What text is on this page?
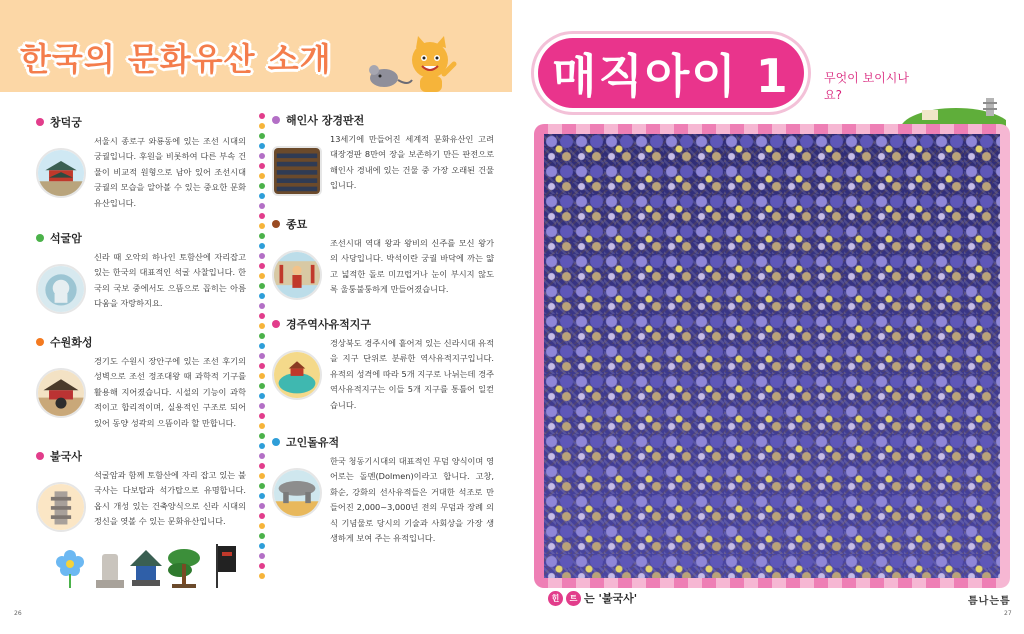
한국의 문화유산 소개
창덕궁
서울시 종로구 와룡동에 있는 조선 시대의 궁궐입니다. 후원을 비롯하여 다른 부속 건물이 비교적 원형으로 남아 있어 조선시대 궁궐의 모습을 알아볼 수 있는 중요한 문화유산입니다.
석굴암
신라 때 오악의 하나인 토함산에 자리잡고 있는 한국의 대표적인 석굴 사찰입니다. 한국의 국보 중에서도 으뜸으로 꼽히는 아름다움을 자랑하지요.
수원화성
경기도 수원시 장안구에 있는 조선 후기의 성벽으로 조선 정조대왕 때 과학적 기구를 활용해 지어졌습니다. 시설의 기능이 과학적이고 합리적이며, 실용적인 구조로 되어 있어 동양 성곽의 으뜸이라 할 만합니다.
불국사
석굴암과 함께 토함산에 자리 잡고 있는 불국사는 다보탑과 석가탑으로 유명합니다. 옵시 개성 있는 건축양식으로 신라 시대의 정신을 엿볼 수 있는 문화유산입니다.
해인사 장경판전
13세기에 만들어진 세계적 문화유산인 고려 대장경판 8만여 장을 보존하기 만든 판전으로 해인사 경내에 있는 건물 중 가장 오래된 건물입니다.
종묘
조선시대 역대 왕과 왕비의 신주를 모신 왕가의 사당입니다. 박석이란 궁궐 바닥에 까는 얇고 넓적한 돌로 미끄럽거나 눈이 부시지 않도록 울퉁불퉁하게 만들어졌습니다.
경주역사유적지구
경상북도 경주시에 흩어져 있는 신라시대 유적을 지구 단위로 분류한 역사유적지구입니다. 유적의 성격에 따라 5개 지구로 나뉘는데 경주역사유적지구는 이들 5개 지구를 통틀어 일컫습니다.
고인돌유적
한국 청동기시대의 대표적인 무덤 양식이며 영어로는 돌멘(Dolmen)이라고 합니다. 고창, 화순, 강화의 선사유적들은 거대한 석조로 만들어진 2,000~3,000년 전의 무덤과 장례 의식 기념물로 당시의 기술과 사회상을 가장 생생하게 보여 주는 유적입니다.
26
매직아이 1	무엇이 보이시나요?
힌	트 는 '불국사'	틈나는틈
27
